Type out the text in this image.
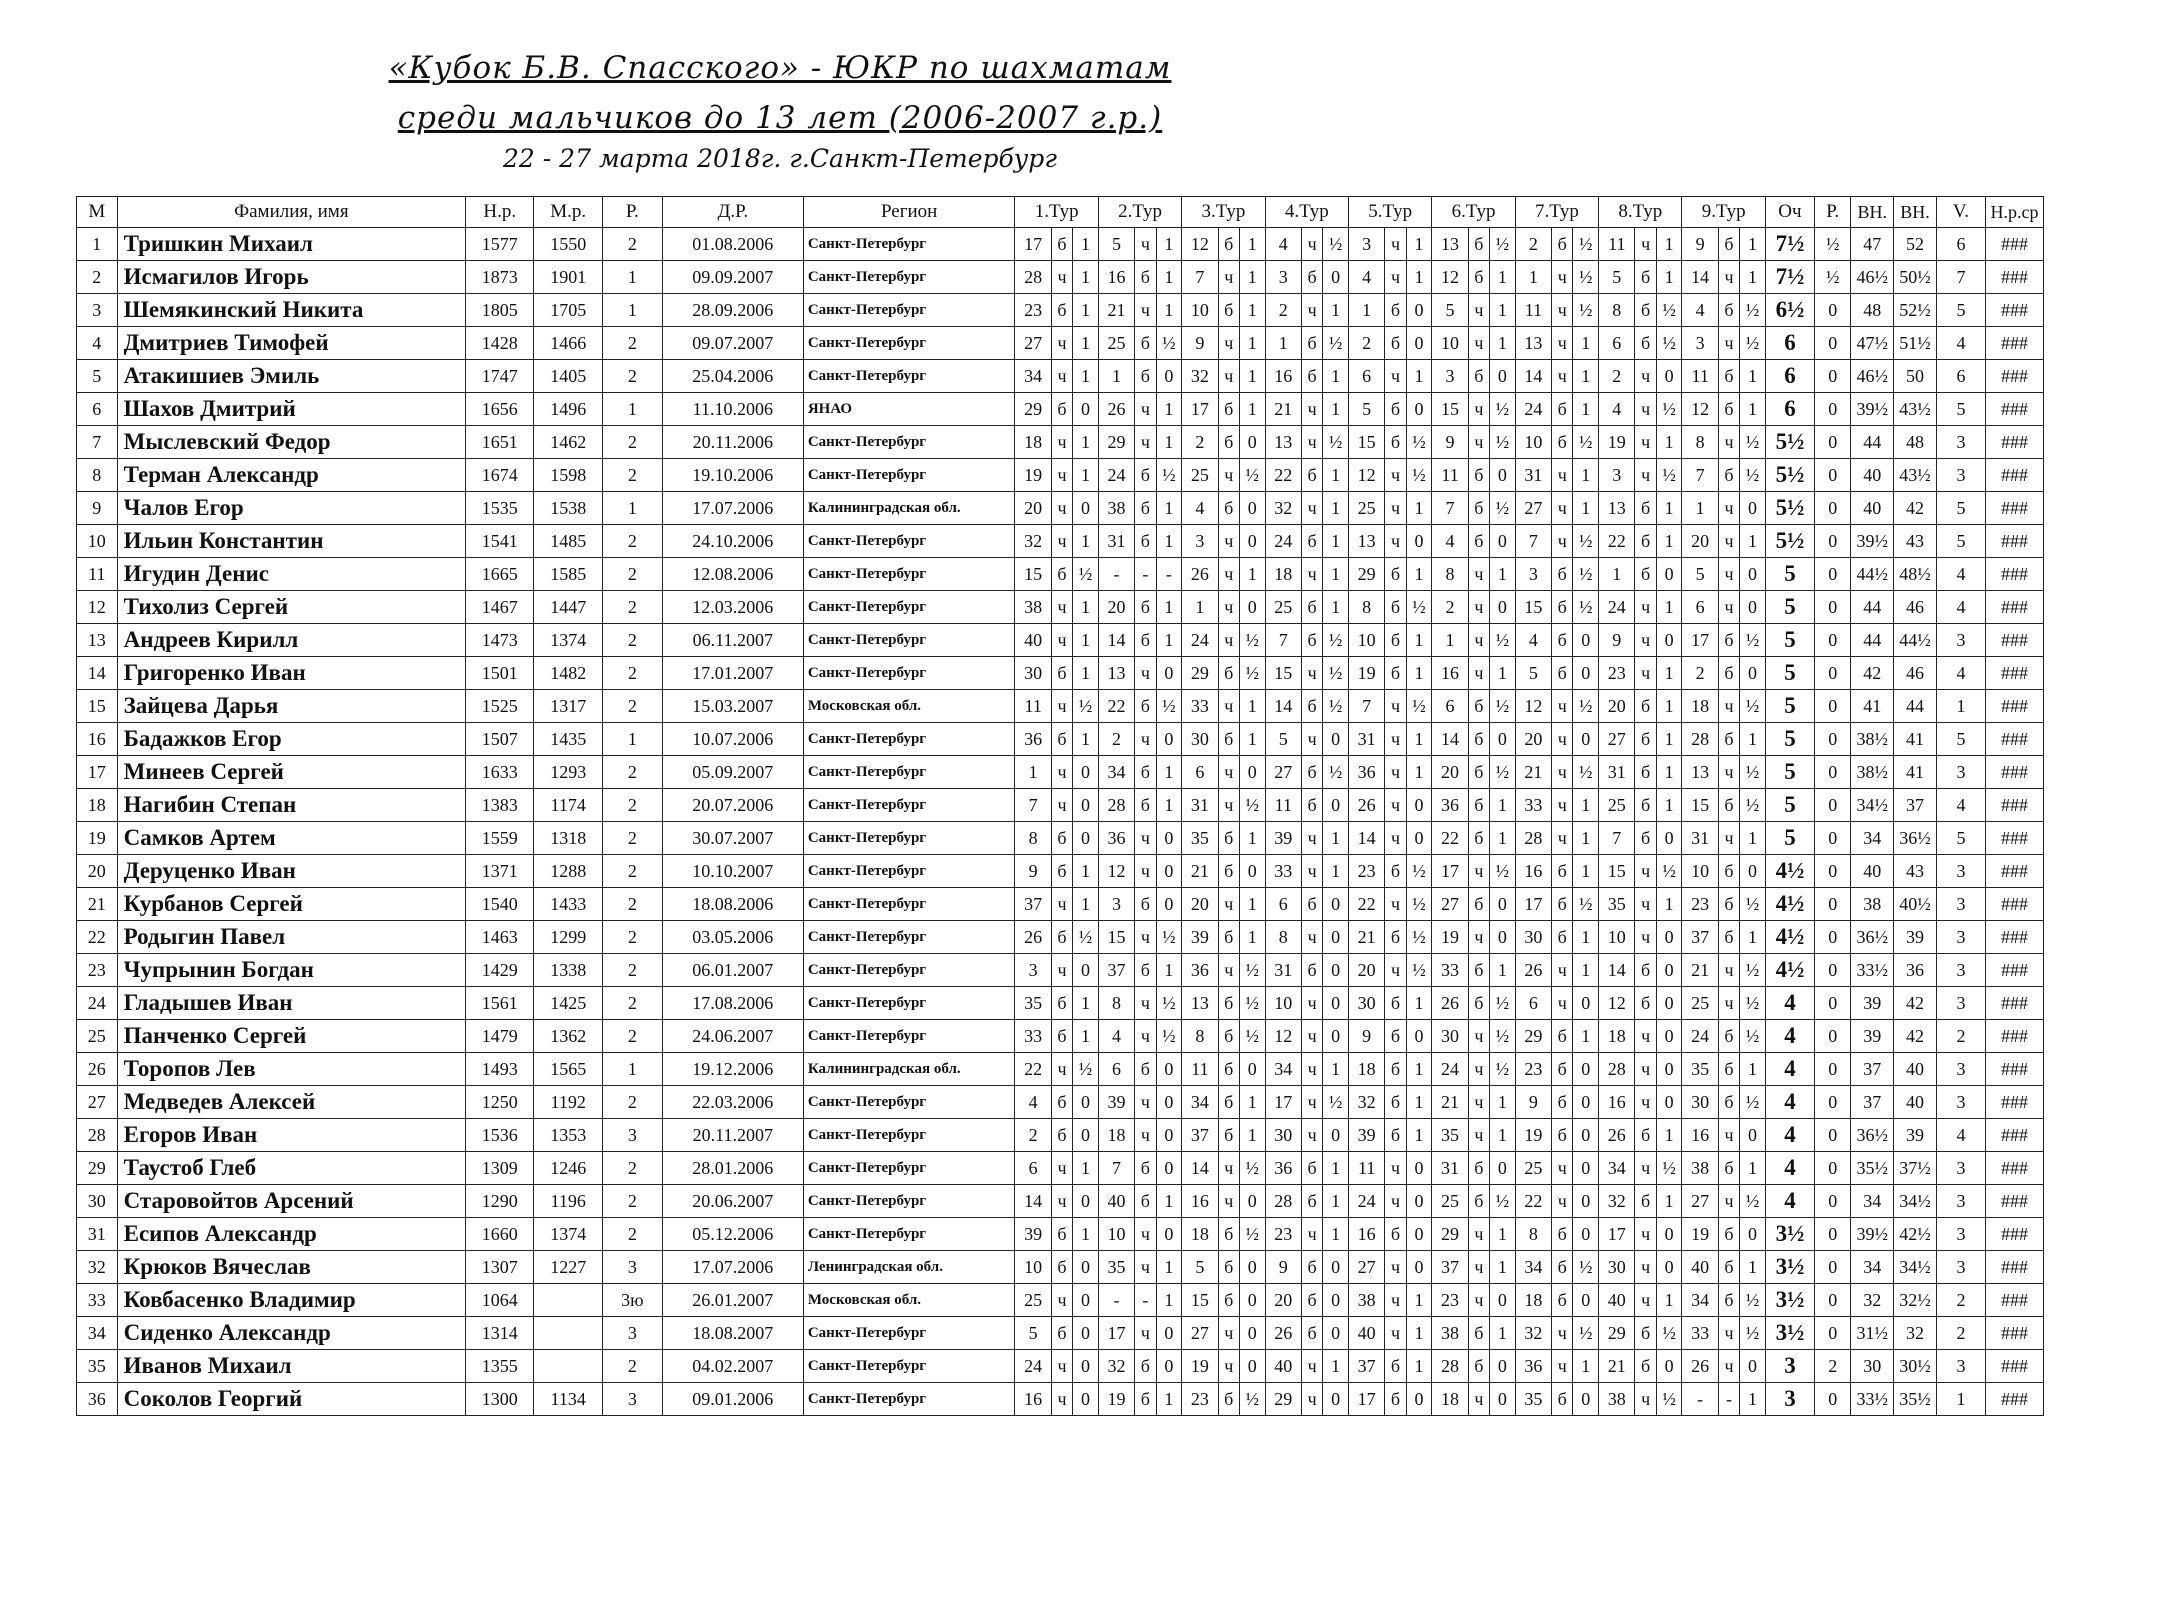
«Кубок Б.В. Спасского» - ЮКР по шахматам
среди мальчиков до 13 лет (2006-2007 г.р.)
22 - 27 марта 2018г. г.Санкт-Петербург
М	Фамилия, имя	Н.р.	М.р.	Р.	Д.Р.	Регион	1.Тур			2.Тур			3.Тур			4.Тур			5.Тур			6.Тур			7.Тур			8.Тур			9.Тур			Оч	Р.	ВН.	ВН.	V.	Н.р.ср
1	Тришкин Михаил	1577	1550	2	01.08.2006	Санкт-Петербург	17	б	1	5	ч	1	12	б	1	4	ч	½	3	ч	1	13	б	½	2	б	½	11	ч	1	9	б	1	7½	½	47	52	6	###
2	Исмагилов Игорь	1873	1901	1	09.09.2007	Санкт-Петербург	28	ч	1	16	б	1	7	ч	1	3	б	0	4	ч	1	12	б	1	1	ч	½	5	б	1	14	ч	1	7½	½	46½	50½	7	###
3	Шемякинский Никита	1805	1705	1	28.09.2006	Санкт-Петербург	23	б	1	21	ч	1	10	б	1	2	ч	1	1	б	0	5	ч	1	11	ч	½	8	б	½	4	б	½	6½	0	48	52½	5	###
4	Дмитриев Тимофей	1428	1466	2	09.07.2007	Санкт-Петербург	27	ч	1	25	б	½	9	ч	1	1	б	½	2	б	0	10	ч	1	13	ч	1	6	б	½	3	ч	½	6	0	47½	51½	4	###
5	Атакишиев Эмиль	1747	1405	2	25.04.2006	Санкт-Петербург	34	ч	1	1	б	0	32	ч	1	16	б	1	6	ч	1	3	б	0	14	ч	1	2	ч	0	11	б	1	6	0	46½	50	6	###
6	Шахов Дмитрий	1656	1496	1	11.10.2006	ЯНАО	29	б	0	26	ч	1	17	б	1	21	ч	1	5	б	0	15	ч	½	24	б	1	4	ч	½	12	б	1	6	0	39½	43½	5	###
7	Мыслевский Федор	1651	1462	2	20.11.2006	Санкт-Петербург	18	ч	1	29	ч	1	2	б	0	13	ч	½	15	б	½	9	ч	½	10	б	½	19	ч	1	8	ч	½	5½	0	44	48	3	###
8	Терман Александр	1674	1598	2	19.10.2006	Санкт-Петербург	19	ч	1	24	б	½	25	ч	½	22	б	1	12	ч	½	11	б	0	31	ч	1	3	ч	½	7	б	½	5½	0	40	43½	3	###
9	Чалов Егор	1535	1538	1	17.07.2006	Калининградская обл.	20	ч	0	38	б	1	4	б	0	32	ч	1	25	ч	1	7	б	½	27	ч	1	13	б	1	1	ч	0	5½	0	40	42	5	###
10	Ильин Константин	1541	1485	2	24.10.2006	Санкт-Петербург	32	ч	1	31	б	1	3	ч	0	24	б	1	13	ч	0	4	б	0	7	ч	½	22	б	1	20	ч	1	5½	0	39½	43	5	###
11	Игудин Денис	1665	1585	2	12.08.2006	Санкт-Петербург	15	б	½	-	-	-	26	ч	1	18	ч	1	29	б	1	8	ч	1	3	б	½	1	б	0	5	ч	0	5	0	44½	48½	4	###
12	Тихолиз Сергей	1467	1447	2	12.03.2006	Санкт-Петербург	38	ч	1	20	б	1	1	ч	0	25	б	1	8	б	½	2	ч	0	15	б	½	24	ч	1	6	ч	0	5	0	44	46	4	###
13	Андреев Кирилл	1473	1374	2	06.11.2007	Санкт-Петербург	40	ч	1	14	б	1	24	ч	½	7	б	½	10	б	1	1	ч	½	4	б	0	9	ч	0	17	б	½	5	0	44	44½	3	###
14	Григоренко Иван	1501	1482	2	17.01.2007	Санкт-Петербург	30	б	1	13	ч	0	29	б	½	15	ч	½	19	б	1	16	ч	1	5	б	0	23	ч	1	2	б	0	5	0	42	46	4	###
15	Зайцева Дарья	1525	1317	2	15.03.2007	Московская обл.	11	ч	½	22	б	½	33	ч	1	14	б	½	7	ч	½	6	б	½	12	ч	½	20	б	1	18	ч	½	5	0	41	44	1	###
16	Бадажков Егор	1507	1435	1	10.07.2006	Санкт-Петербург	36	б	1	2	ч	0	30	б	1	5	ч	0	31	ч	1	14	б	0	20	ч	0	27	б	1	28	б	1	5	0	38½	41	5	###
17	Минеев Сергей	1633	1293	2	05.09.2007	Санкт-Петербург	1	ч	0	34	б	1	6	ч	0	27	б	½	36	ч	1	20	б	½	21	ч	½	31	б	1	13	ч	½	5	0	38½	41	3	###
18	Нагибин Степан	1383	1174	2	20.07.2006	Санкт-Петербург	7	ч	0	28	б	1	31	ч	½	11	б	0	26	ч	0	36	б	1	33	ч	1	25	б	1	15	б	½	5	0	34½	37	4	###
19	Самков Артем	1559	1318	2	30.07.2007	Санкт-Петербург	8	б	0	36	ч	0	35	б	1	39	ч	1	14	ч	0	22	б	1	28	ч	1	7	б	0	31	ч	1	5	0	34	36½	5	###
20	Деруценко Иван	1371	1288	2	10.10.2007	Санкт-Петербург	9	б	1	12	ч	0	21	б	0	33	ч	1	23	б	½	17	ч	½	16	б	1	15	ч	½	10	б	0	4½	0	40	43	3	###
21	Курбанов Сергей	1540	1433	2	18.08.2006	Санкт-Петербург	37	ч	1	3	б	0	20	ч	1	6	б	0	22	ч	½	27	б	0	17	б	½	35	ч	1	23	б	½	4½	0	38	40½	3	###
22	Родыгин Павел	1463	1299	2	03.05.2006	Санкт-Петербург	26	б	½	15	ч	½	39	б	1	8	ч	0	21	б	½	19	ч	0	30	б	1	10	ч	0	37	б	1	4½	0	36½	39	3	###
23	Чупрынин Богдан	1429	1338	2	06.01.2007	Санкт-Петербург	3	ч	0	37	б	1	36	ч	½	31	б	0	20	ч	½	33	б	1	26	ч	1	14	б	0	21	ч	½	4½	0	33½	36	3	###
24	Гладышев Иван	1561	1425	2	17.08.2006	Санкт-Петербург	35	б	1	8	ч	½	13	б	½	10	ч	0	30	б	1	26	б	½	6	ч	0	12	б	0	25	ч	½	4	0	39	42	3	###
25	Панченко Сергей	1479	1362	2	24.06.2007	Санкт-Петербург	33	б	1	4	ч	½	8	б	½	12	ч	0	9	б	0	30	ч	½	29	б	1	18	ч	0	24	б	½	4	0	39	42	2	###
26	Торопов Лев	1493	1565	1	19.12.2006	Калининградская обл.	22	ч	½	6	б	0	11	б	0	34	ч	1	18	б	1	24	ч	½	23	б	0	28	ч	0	35	б	1	4	0	37	40	3	###
27	Медведев Алексей	1250	1192	2	22.03.2006	Санкт-Петербург	4	б	0	39	ч	0	34	б	1	17	ч	½	32	б	1	21	ч	1	9	б	0	16	ч	0	30	б	½	4	0	37	40	3	###
28	Егоров Иван	1536	1353	3	20.11.2007	Санкт-Петербург	2	б	0	18	ч	0	37	б	1	30	ч	0	39	б	1	35	ч	1	19	б	0	26	б	1	16	ч	0	4	0	36½	39	4	###
29	Таустоб Глеб	1309	1246	2	28.01.2006	Санкт-Петербург	6	ч	1	7	б	0	14	ч	½	36	б	1	11	ч	0	31	б	0	25	ч	0	34	ч	½	38	б	1	4	0	35½	37½	3	###
30	Старовойтов Арсений	1290	1196	2	20.06.2007	Санкт-Петербург	14	ч	0	40	б	1	16	ч	0	28	б	1	24	ч	0	25	б	½	22	ч	0	32	б	1	27	ч	½	4	0	34	34½	3	###
31	Есипов Александр	1660	1374	2	05.12.2006	Санкт-Петербург	39	б	1	10	ч	0	18	б	½	23	ч	1	16	б	0	29	ч	1	8	б	0	17	ч	0	19	б	0	3½	0	39½	42½	3	###
32	Крюков Вячеслав	1307	1227	3	17.07.2006	Ленинградская обл.	10	б	0	35	ч	1	5	б	0	9	б	0	27	ч	0	37	ч	1	34	б	½	30	ч	0	40	б	1	3½	0	34	34½	3	###
33	Ковбасенко Владимир	1064		3ю	26.01.2007	Московская обл.	25	ч	0	-	-	1	15	б	0	20	б	0	38	ч	1	23	ч	0	18	б	0	40	ч	1	34	б	½	3½	0	32	32½	2	###
34	Сиденко Александр	1314		3	18.08.2007	Санкт-Петербург	5	б	0	17	ч	0	27	ч	0	26	б	0	40	ч	1	38	б	1	32	ч	½	29	б	½	33	ч	½	3½	0	31½	32	2	###
35	Иванов Михаил	1355		2	04.02.2007	Санкт-Петербург	24	ч	0	32	б	0	19	ч	0	40	ч	1	37	б	1	28	б	0	36	ч	1	21	б	0	26	ч	0	3	2	30	30½	3	###
36	Соколов Георгий	1300	1134	3	09.01.2006	Санкт-Петербург	16	ч	0	19	б	1	23	б	½	29	ч	0	17	б	0	18	ч	0	35	б	0	38	ч	½	-	-	1	3	0	33½	35½	1	###
